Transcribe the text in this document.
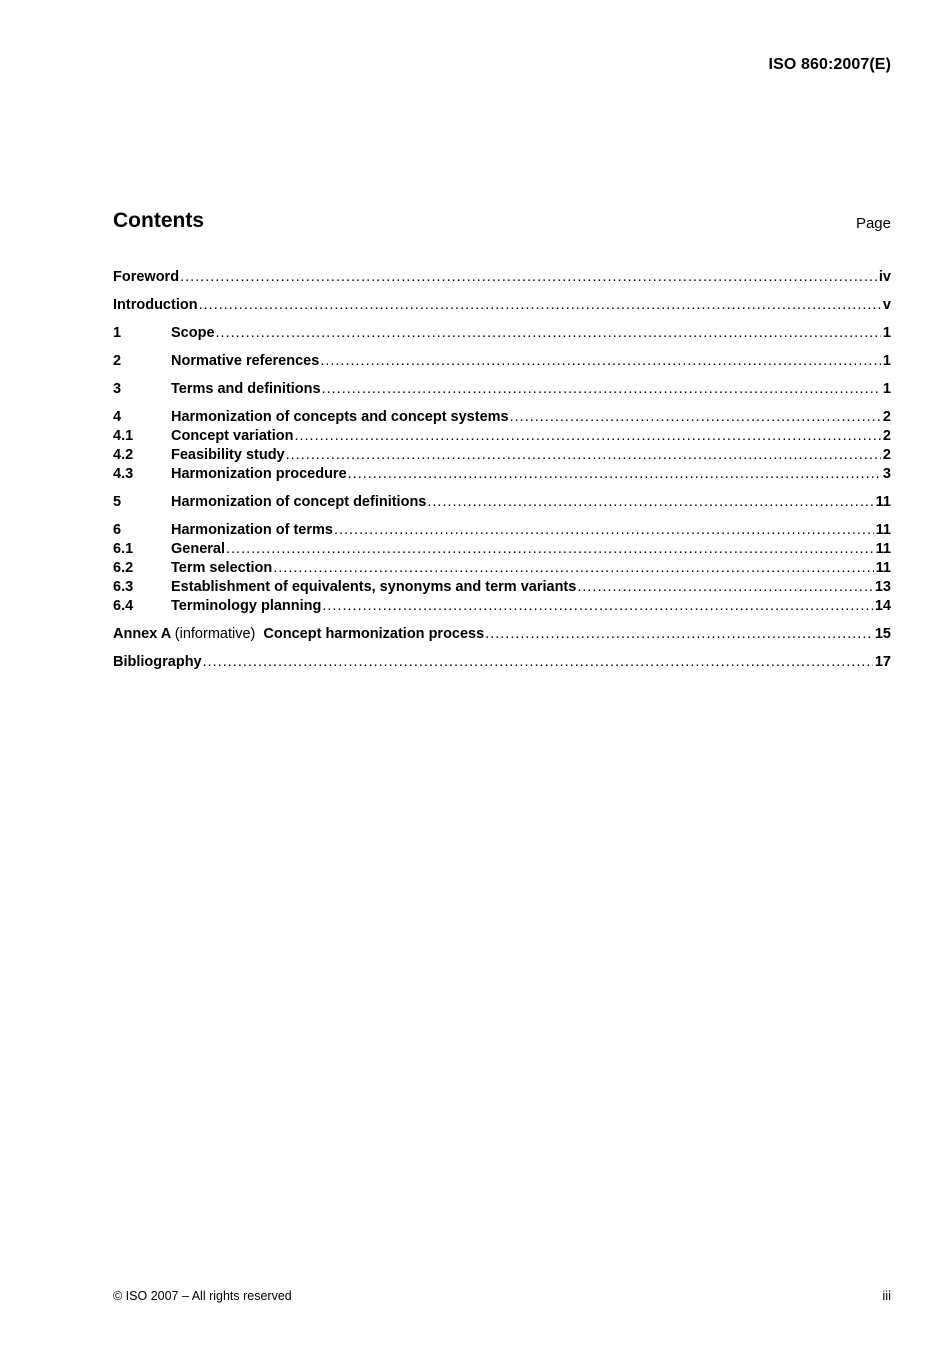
ISO 860:2007(E)
Contents	Page
Foreword .....	iv
Introduction .....	v
1	Scope .....	1
2	Normative references .....	1
3	Terms and definitions .....	1
4	Harmonization of concepts and concept systems .....	2
4.1	Concept variation .....	2
4.2	Feasibility study .....	2
4.3	Harmonization procedure .....	3
5	Harmonization of concept definitions .....	11
6	Harmonization of terms .....	11
6.1	General .....	11
6.2	Term selection .....	11
6.3	Establishment of equivalents, synonyms and term variants .....	13
6.4	Terminology planning .....	14
Annex A (informative) Concept harmonization process .....	15
Bibliography .....	17
© ISO 2007 – All rights reserved	iii
